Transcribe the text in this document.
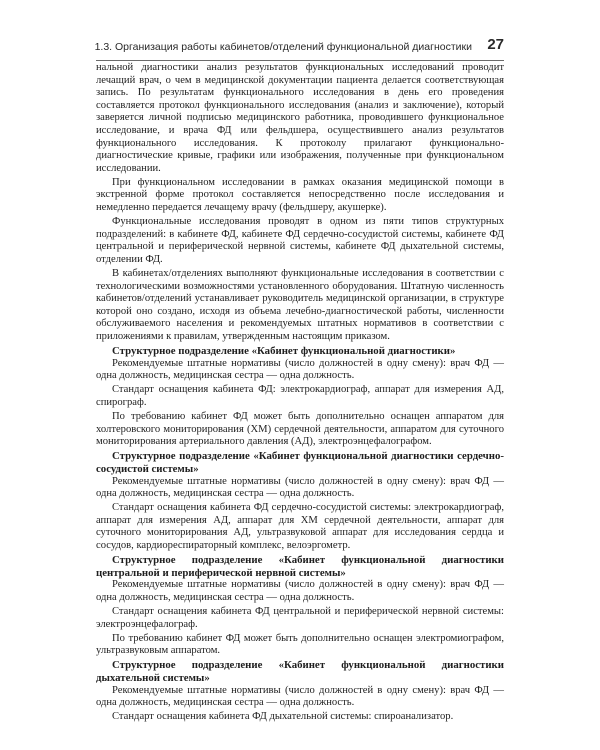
1.3. Организация работы кабинетов/отделений функциональной диагностики 27

нальной диагностики анализ результатов функциональных исследований проводит лечащий врач, о чем в медицинской документации пациента делается соответствующая запись. По результатам функционального исследования в день его проведения составляется протокол функционального исследования (анализ и заключение), который заверяется личной подписью медицинского работника, проводившего функциональное исследование, и врача ФД или фельдшера, осуществившего анализ результатов функционального исследования. К протоколу прилагают функционально-диагностические кривые, графики или изображения, полученные при функциональном исследовании.

При функциональном исследовании в рамках оказания медицинской помощи в экстренной форме протокол составляется непосредственно после исследования и немедленно передается лечащему врачу (фельдшеру, акушерке).

Функциональные исследования проводят в одном из пяти типов структурных подразделений: в кабинете ФД, кабинете ФД сердечно-сосудистой системы, кабинете ФД центральной и периферической нервной системы, кабинете ФД дыхательной системы, отделении ФД.

В кабинетах/отделениях выполняют функциональные исследования в соответствии с технологическими возможностями установленного оборудования. Штатную численность кабинетов/отделений устанавливает руководитель медицинской организации, в структуре которой оно создано, исходя из объема лечебно-диагностической работы, численности обслуживаемого населения и рекомендуемых штатных нормативов в соответствии с приложениями к правилам, утвержденным настоящим приказом.

Структурное подразделение «Кабинет функциональной диагностики»

Рекомендуемые штатные нормативы (число должностей в одну смену): врач ФД — одна должность, медицинская сестра — одна должность.

Стандарт оснащения кабинета ФД: электрокардиограф, аппарат для измерения АД, спирограф.

По требованию кабинет ФД может быть дополнительно оснащен аппаратом для холтеровского мониторирования (ХМ) сердечной деятельности, аппаратом для суточного мониторирования артериального давления (АД), электроэнцефалографом.

Структурное подразделение «Кабинет функциональной диагностики сердечно-сосудистой системы»

Рекомендуемые штатные нормативы (число должностей в одну смену): врач ФД — одна должность, медицинская сестра — одна должность.

Стандарт оснащения кабинета ФД сердечно-сосудистой системы: электрокардиограф, аппарат для измерения АД, аппарат для ХМ сердечной деятельности, аппарат для суточного мониторирования АД, ультразвуковой аппарат для исследования сердца и сосудов, кардиореспираторный комплекс, велоэргометр.

Структурное подразделение «Кабинет функциональной диагностики центральной и периферической нервной системы»

Рекомендуемые штатные нормативы (число должностей в одну смену): врач ФД — одна должность, медицинская сестра — одна должность.

Стандарт оснащения кабинета ФД центральной и периферической нервной системы: электроэнцефалограф.

По требованию кабинет ФД может быть дополнительно оснащен электромиографом, ультразвуковым аппаратом.

Структурное подразделение «Кабинет функциональной диагностики дыхательной системы»

Рекомендуемые штатные нормативы (число должностей в одну смену): врач ФД — одна должность, медицинская сестра — одна должность.

Стандарт оснащения кабинета ФД дыхательной системы: спироанализатор.
